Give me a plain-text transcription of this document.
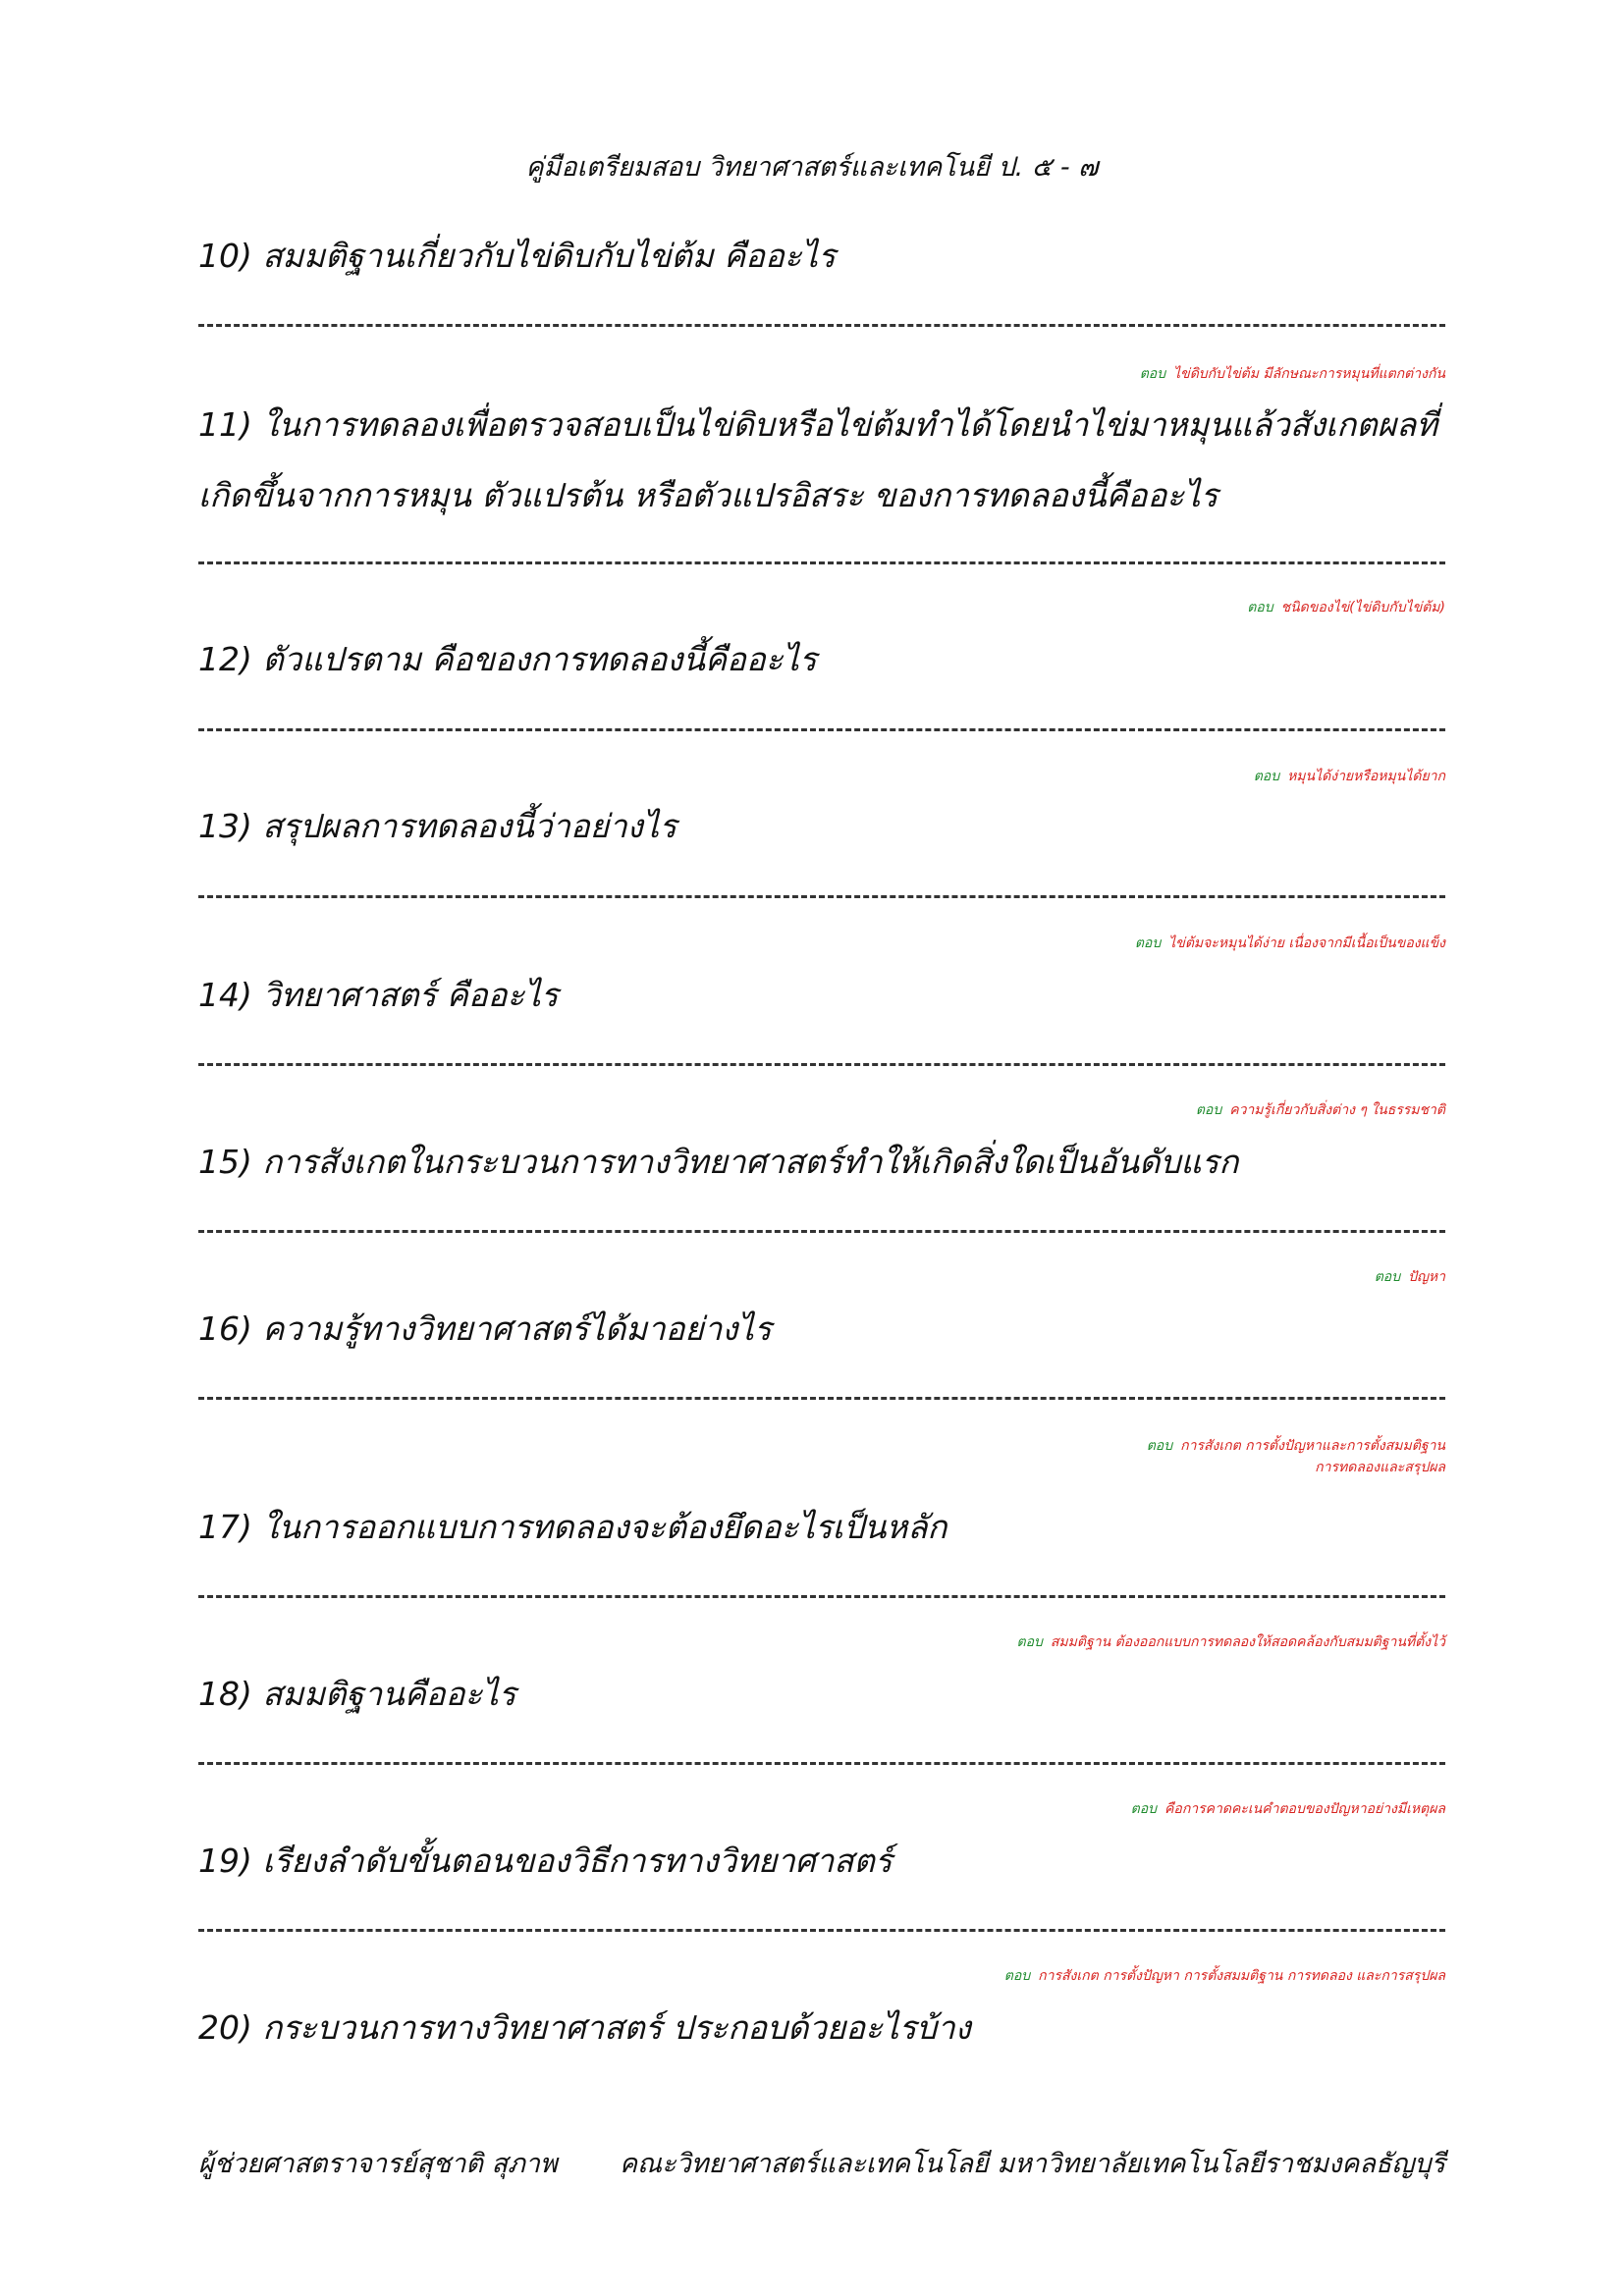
คู่มือเตรียมสอบ วิทยาศาสตร์และเทคโนยี ป. ๕ - ๗
10) สมมติฐานเกี่ยวกับไข่ดิบกับไข่ต้ม คืออะไร
ตอบ ไข่ดิบกับไข่ต้ม มีลักษณะการหมุนที่แตกต่างกัน
11) ในการทดลองเพื่อตรวจสอบเป็นไข่ดิบหรือไข่ต้มทำได้โดยนำไข่มาหมุนแล้วสังเกตผลที่เกิดขึ้นจากการหมุน ตัวแปรต้น หรือตัวแปรอิสระ ของการทดลองนี้คืออะไร
ตอบ ชนิดของไข่(ไข่ดิบกับไข่ต้ม)
12) ตัวแปรตาม คือของการทดลองนี้คืออะไร
ตอบ หมุนได้ง่ายหรือหมุนได้ยาก
13) สรุปผลการทดลองนี้ว่าอย่างไร
ตอบ ไข่ต้มจะหมุนได้ง่าย เนื่องจากมีเนื้อเป็นของแข็ง
14) วิทยาศาสตร์ คืออะไร
ตอบ ความรู้เกี่ยวกับสิ่งต่าง ๆ ในธรรมชาติ
15) การสังเกตในกระบวนการทางวิทยาศาสตร์ทำให้เกิดสิ่งใดเป็นอันดับแรก
ตอบ ปัญหา
16) ความรู้ทางวิทยาศาสตร์ได้มาอย่างไร
ตอบ การสังเกต การตั้งปัญหาและการตั้งสมมติฐาน
การทดลองและสรุปผล
17) ในการออกแบบการทดลองจะต้องยึดอะไรเป็นหลัก
ตอบ สมมติฐาน ต้องออกแบบการทดลองให้สอดคล้องกับสมมติฐานที่ตั้งไว้
18) สมมติฐานคืออะไร
ตอบ คือการคาดคะเนคำตอบของปัญหาอย่างมีเหตุผล
19) เรียงลำดับขั้นตอนของวิธีการทางวิทยาศาสตร์
ตอบ การสังเกต การตั้งปัญหา การตั้งสมมติฐาน การทดลอง และการสรุปผล
20) กระบวนการทางวิทยาศาสตร์ ประกอบด้วยอะไรบ้าง
ผู้ช่วยศาสตราจารย์สุชาติ สุภาพ คณะวิทยาศาสตร์และเทคโนโลยี มหาวิทยาลัยเทคโนโลยีราชมงคลธัญบุรี
